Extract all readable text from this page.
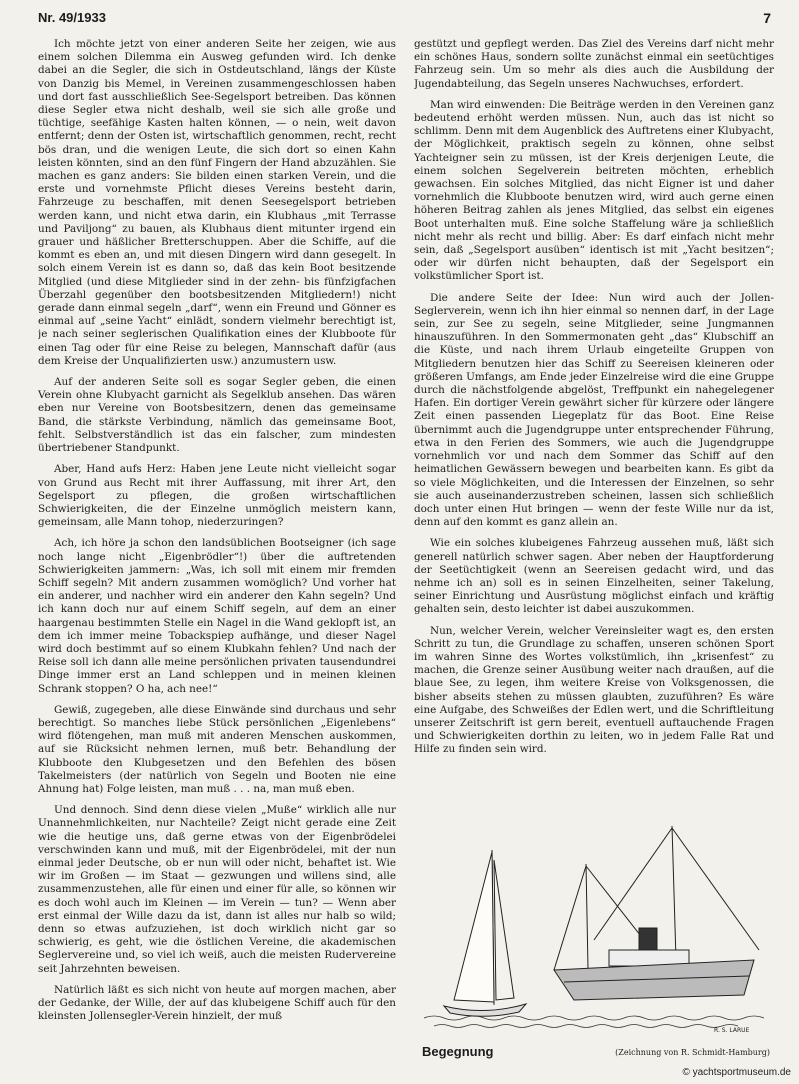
Nr. 49/1933	7

Ich möchte jetzt von einer anderen Seite her zeigen, wie aus einem solchen Dilemma ein Ausweg gefunden wird. Ich denke dabei an die Segler, die sich in Ostdeutschland, längs der Küste von Danzig bis Memel, in Vereinen zusammengeschlossen haben und dort fast ausschließlich See-Segelsport betreiben. Das können diese Segler etwa nicht deshalb, weil sie sich alle große und tüchtige, seefähige Kasten halten können, — o nein, weit davon entfernt; denn der Osten ist, wirtschaftlich genommen, recht, recht bös dran, und die wenigen Leute, die sich dort so einen Kahn leisten könnten, sind an den fünf Fingern der Hand abzuzählen. Sie machen es ganz anders: Sie bilden einen starken Verein, und die erste und vornehmste Pflicht dieses Vereins besteht darin, Fahrzeuge zu beschaffen, mit denen Seesegelsport betrieben werden kann, und nicht etwa darin, ein Klubhaus „mit Terrasse und Paviljong“ zu bauen, als Klubhaus dient mitunter irgend ein grauer und häßlicher Bretterschuppen. Aber die Schiffe, auf die kommt es eben an, und mit diesen Dingern wird dann gesegelt. In solch einem Verein ist es dann so, daß das kein Boot besitzende Mitglied (und diese Mitglieder sind in der zehn- bis fünfzigfachen Überzahl gegenüber den bootsbesitzenden Mitgliedern!) nicht gerade dann einmal segeln „darf“, wenn ein Freund und Gönner es einmal auf „seine Yacht“ einlädt, sondern vielmehr berechtigt ist, je nach seiner seglerischen Qualifikation eines der Klubboote für einen Tag oder für eine Reise zu belegen, Mannschaft dafür (aus dem Kreise der Unqualifizierten usw.) anzumustern usw.

Auf der anderen Seite soll es sogar Segler geben, die einen Verein ohne Klubyacht garnicht als Segelklub ansehen. Das wären eben nur Vereine von Bootsbesitzern, denen das gemeinsame Band, die stärkste Verbindung, nämlich das gemeinsame Boot, fehlt. Selbstverständlich ist das ein falscher, zum mindesten übertriebener Standpunkt.

Aber, Hand aufs Herz: Haben jene Leute nicht vielleicht sogar von Grund aus Recht mit ihrer Auffassung, mit ihrer Art, den Segelsport zu pflegen, die großen wirtschaftlichen Schwierigkeiten, die der Einzelne unmöglich meistern kann, gemeinsam, alle Mann tohop, niederzuringen?

Ach, ich höre ja schon den landsüblichen Bootseigner (ich sage noch lange nicht „Eigenbrödler“!) über die auftretenden Schwierigkeiten jammern: „Was, ich soll mit einem mir fremden Schiff segeln? Mit andern zusammen womöglich? Und vorher hat ein anderer, und nachher wird ein anderer den Kahn segeln? Und ich kann doch nur auf einem Schiff segeln, auf dem an einer haargenau bestimmten Stelle ein Nagel in die Wand geklopft ist, an dem ich immer meine Tobackspiep aufhänge, und dieser Nagel wird doch bestimmt auf so einem Klubkahn fehlen? Und nach der Reise soll ich dann alle meine persönlichen privaten tausendundrei Dinge immer erst an Land schleppen und in meinen kleinen Schrank stoppen? O ha, ach nee!“

Gewiß, zugegeben, alle diese Einwände sind durchaus und sehr berechtigt. So manches liebe Stück persönlichen „Eigenlebens“ wird flötengehen, man muß mit anderen Menschen auskommen, auf sie Rücksicht nehmen lernen, muß betr. Behandlung der Klubboote den Klubgesetzen und den Befehlen des bösen Takelmeisters (der natürlich von Segeln und Booten nie eine Ahnung hat) Folge leisten, man muß . . . na, man muß eben.

Und dennoch. Sind denn diese vielen „Muße“ wirklich alle nur Unannehmlichkeiten, nur Nachteile? Zeigt nicht gerade eine Zeit wie die heutige uns, daß gerne etwas von der Eigenbrödelei verschwinden kann und muß, mit der Eigenbrödelei, mit der nun einmal jeder Deutsche, ob er nun will oder nicht, behaftet ist. Wie wir im Großen — im Staat — gezwungen und willens sind, alle zusammenzustehen, alle für einen und einer für alle, so können wir es doch wohl auch im Kleinen — im Verein — tun? — Wenn aber erst einmal der Wille dazu da ist, dann ist alles nur halb so wild; denn so etwas aufzuziehen, ist doch wirklich nicht gar so schwierig, es geht, wie die östlichen Vereine, die akademischen Seglervereine und, so viel ich weiß, auch die meisten Rudervereine seit Jahrzehnten beweisen.

Natürlich läßt es sich nicht von heute auf morgen machen, aber der Gedanke, der Wille, der auf das klubeigene Schiff auch für den kleinsten Jollensegler-Verein hinzielt, der muß

gestützt und gepflegt werden. Das Ziel des Vereins darf nicht mehr ein schönes Haus, sondern sollte zunächst einmal ein seetüchtiges Fahrzeug sein. Um so mehr als dies auch die Ausbildung der Jugendabteilung, das Segeln unseres Nachwuchses, erfordert.

Man wird einwenden: Die Beiträge werden in den Vereinen ganz bedeutend erhöht werden müssen. Nun, auch das ist nicht so schlimm. Denn mit dem Augenblick des Auftretens einer Klubyacht, der Möglichkeit, praktisch segeln zu können, ohne selbst Yachteigner sein zu müssen, ist der Kreis derjenigen Leute, die einem solchen Segelverein beitreten möchten, erheblich gewachsen. Ein solches Mitglied, das nicht Eigner ist und daher vornehmlich die Klubboote benutzen wird, wird auch gerne einen höheren Beitrag zahlen als jenes Mitglied, das selbst ein eigenes Boot unterhalten muß. Eine solche Staffelung wäre ja schließlich nicht mehr als recht und billig. Aber: Es darf einfach nicht mehr sein, daß „Segelsport ausüben“ identisch ist mit „Yacht besitzen“; oder wir dürfen nicht behaupten, daß der Segelsport ein volkstümlicher Sport ist.

Die andere Seite der Idee: Nun wird auch der Jollen-Seglerverein, wenn ich ihn hier einmal so nennen darf, in der Lage sein, zur See zu segeln, seine Mitglieder, seine Jungmannen hinauszuführen. In den Sommermonaten geht „das“ Klubschiff an die Küste, und nach ihrem Urlaub eingeteilte Gruppen von Mitgliedern benutzen hier das Schiff zu Seereisen kleineren oder größeren Umfangs, am Ende jeder Einzelreise wird die eine Gruppe durch die nächstfolgende abgelöst, Treffpunkt ein nahegelegener Hafen. Ein dortiger Verein gewährt sicher für kürzere oder längere Zeit einen passenden Liegeplatz für das Boot. Eine Reise übernimmt auch die Jugendgruppe unter entsprechender Führung, etwa in den Ferien des Sommers, wie auch die Jugendgruppe vornehmlich vor und nach dem Sommer das Schiff auf den heimatlichen Gewässern bewegen und bearbeiten kann. Es gibt da so viele Möglichkeiten, und die Interessen der Einzelnen, so sehr sie auch auseinanderzustreben scheinen, lassen sich schließlich doch unter einen Hut bringen — wenn der feste Wille nur da ist, denn auf den kommt es ganz allein an.

Wie ein solches klubeigenes Fahrzeug aussehen muß, läßt sich generell natürlich schwer sagen. Aber neben der Hauptforderung der Seetüchtigkeit (wenn an Seereisen gedacht wird, und das nehme ich an) soll es in seinen Einzelheiten, seiner Takelung, seiner Einrichtung und Ausrüstung möglichst einfach und kräftig gehalten sein, desto leichter ist dabei auszukommen.

Nun, welcher Verein, welcher Vereinsleiter wagt es, den ersten Schritt zu tun, die Grundlage zu schaffen, unseren schönen Sport im wahren Sinne des Wortes volkstümlich, ihn „krisenfest“ zu machen, die Grenze seiner Ausübung weiter nach draußen, auf die blaue See, zu legen, ihm weitere Kreise von Volksgenossen, die bisher abseits stehen zu müssen glaubten, zuzuführen? Es wäre eine Aufgabe, des Schweißes der Edlen wert, und die Schriftleitung unserer Zeitschrift ist gern bereit, eventuell auftauchende Fragen und Schwierigkeiten dorthin zu leiten, wo in jedem Falle Rat und Hilfe zu finden sein wird.

R. S. LARUE
Begegnung	(Zeichnung von R. Schmidt-Hamburg)
© yachtsportmuseum.de
